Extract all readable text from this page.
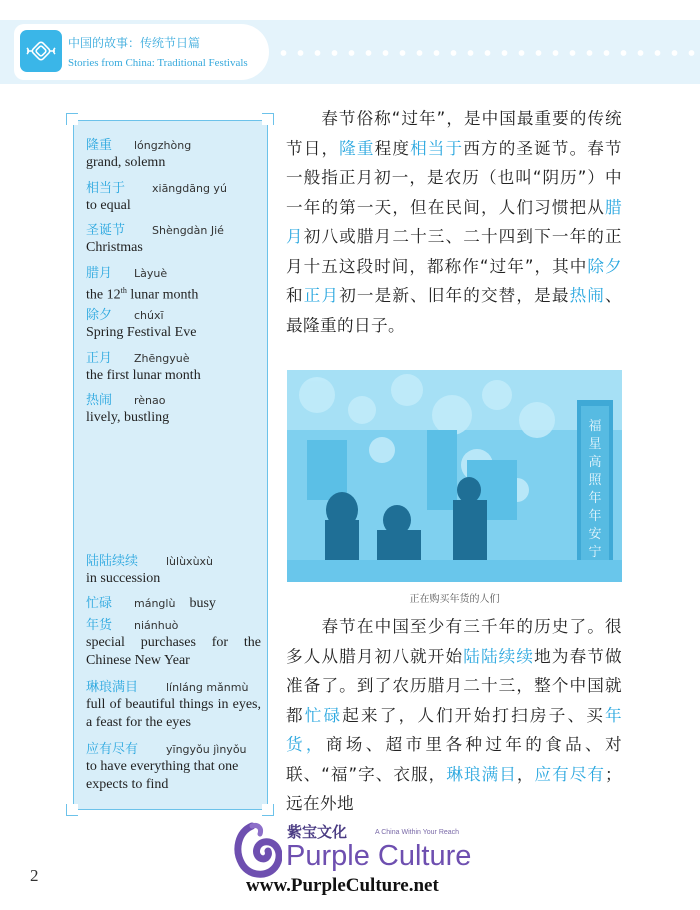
中国的故事：传统节日篇
Stories from China: Traditional Festivals
隆重 lóngzhòng
grand, solemn
相当于 xiāngdāng yú
to equal
圣诞节 Shèngdàn Jié
Christmas
腊月 Làyuè
the 12th lunar month
除夕 chúxī
Spring Festival Eve
正月 Zhēngyuè
the first lunar month
热闹 rènao
lively, bustling
陆陆续续	lùlùxùxù
in succession
忙碌 mánglù busy
年货 niánhuò
special purchases for the Chinese New Year
琳琅满目	línláng mǎnmù
full of beautiful things in eyes, a feast for the eyes
应有尽有	yīngyǒu jìnyǒu
to have everything that one expects to find
　　春节俗称“过年”，是中国最重要的传统节日，隆重程度相当于西方的圣诞节。春节一般指正月初一，是农历（也叫“阴历”）中一年的第一天，但在民间，人们习惯把从腊月初八或腊月二十三、二十四到下一年的正月十五这段时间，都称作“过年”，其中除夕和正月初一是新、旧年的交替，是最热闹、最隆重的日子。
福星高照年年安宁
正在购买年货的人们
　　春节在中国至少有三千年的历史了。很多人从腊月初八就开始陆陆续续地为春节做准备了。到了农历腊月二十三，整个中国就都忙碌起来了，人们开始打扫房子、买年货，商场、超市里各种过年的食品、对联、“福”字、衣服，琳琅满目，应有尽有；远在外地
2
紫宝文化	A China Within Your Reach
Purple Culture
www.PurpleCulture.net
